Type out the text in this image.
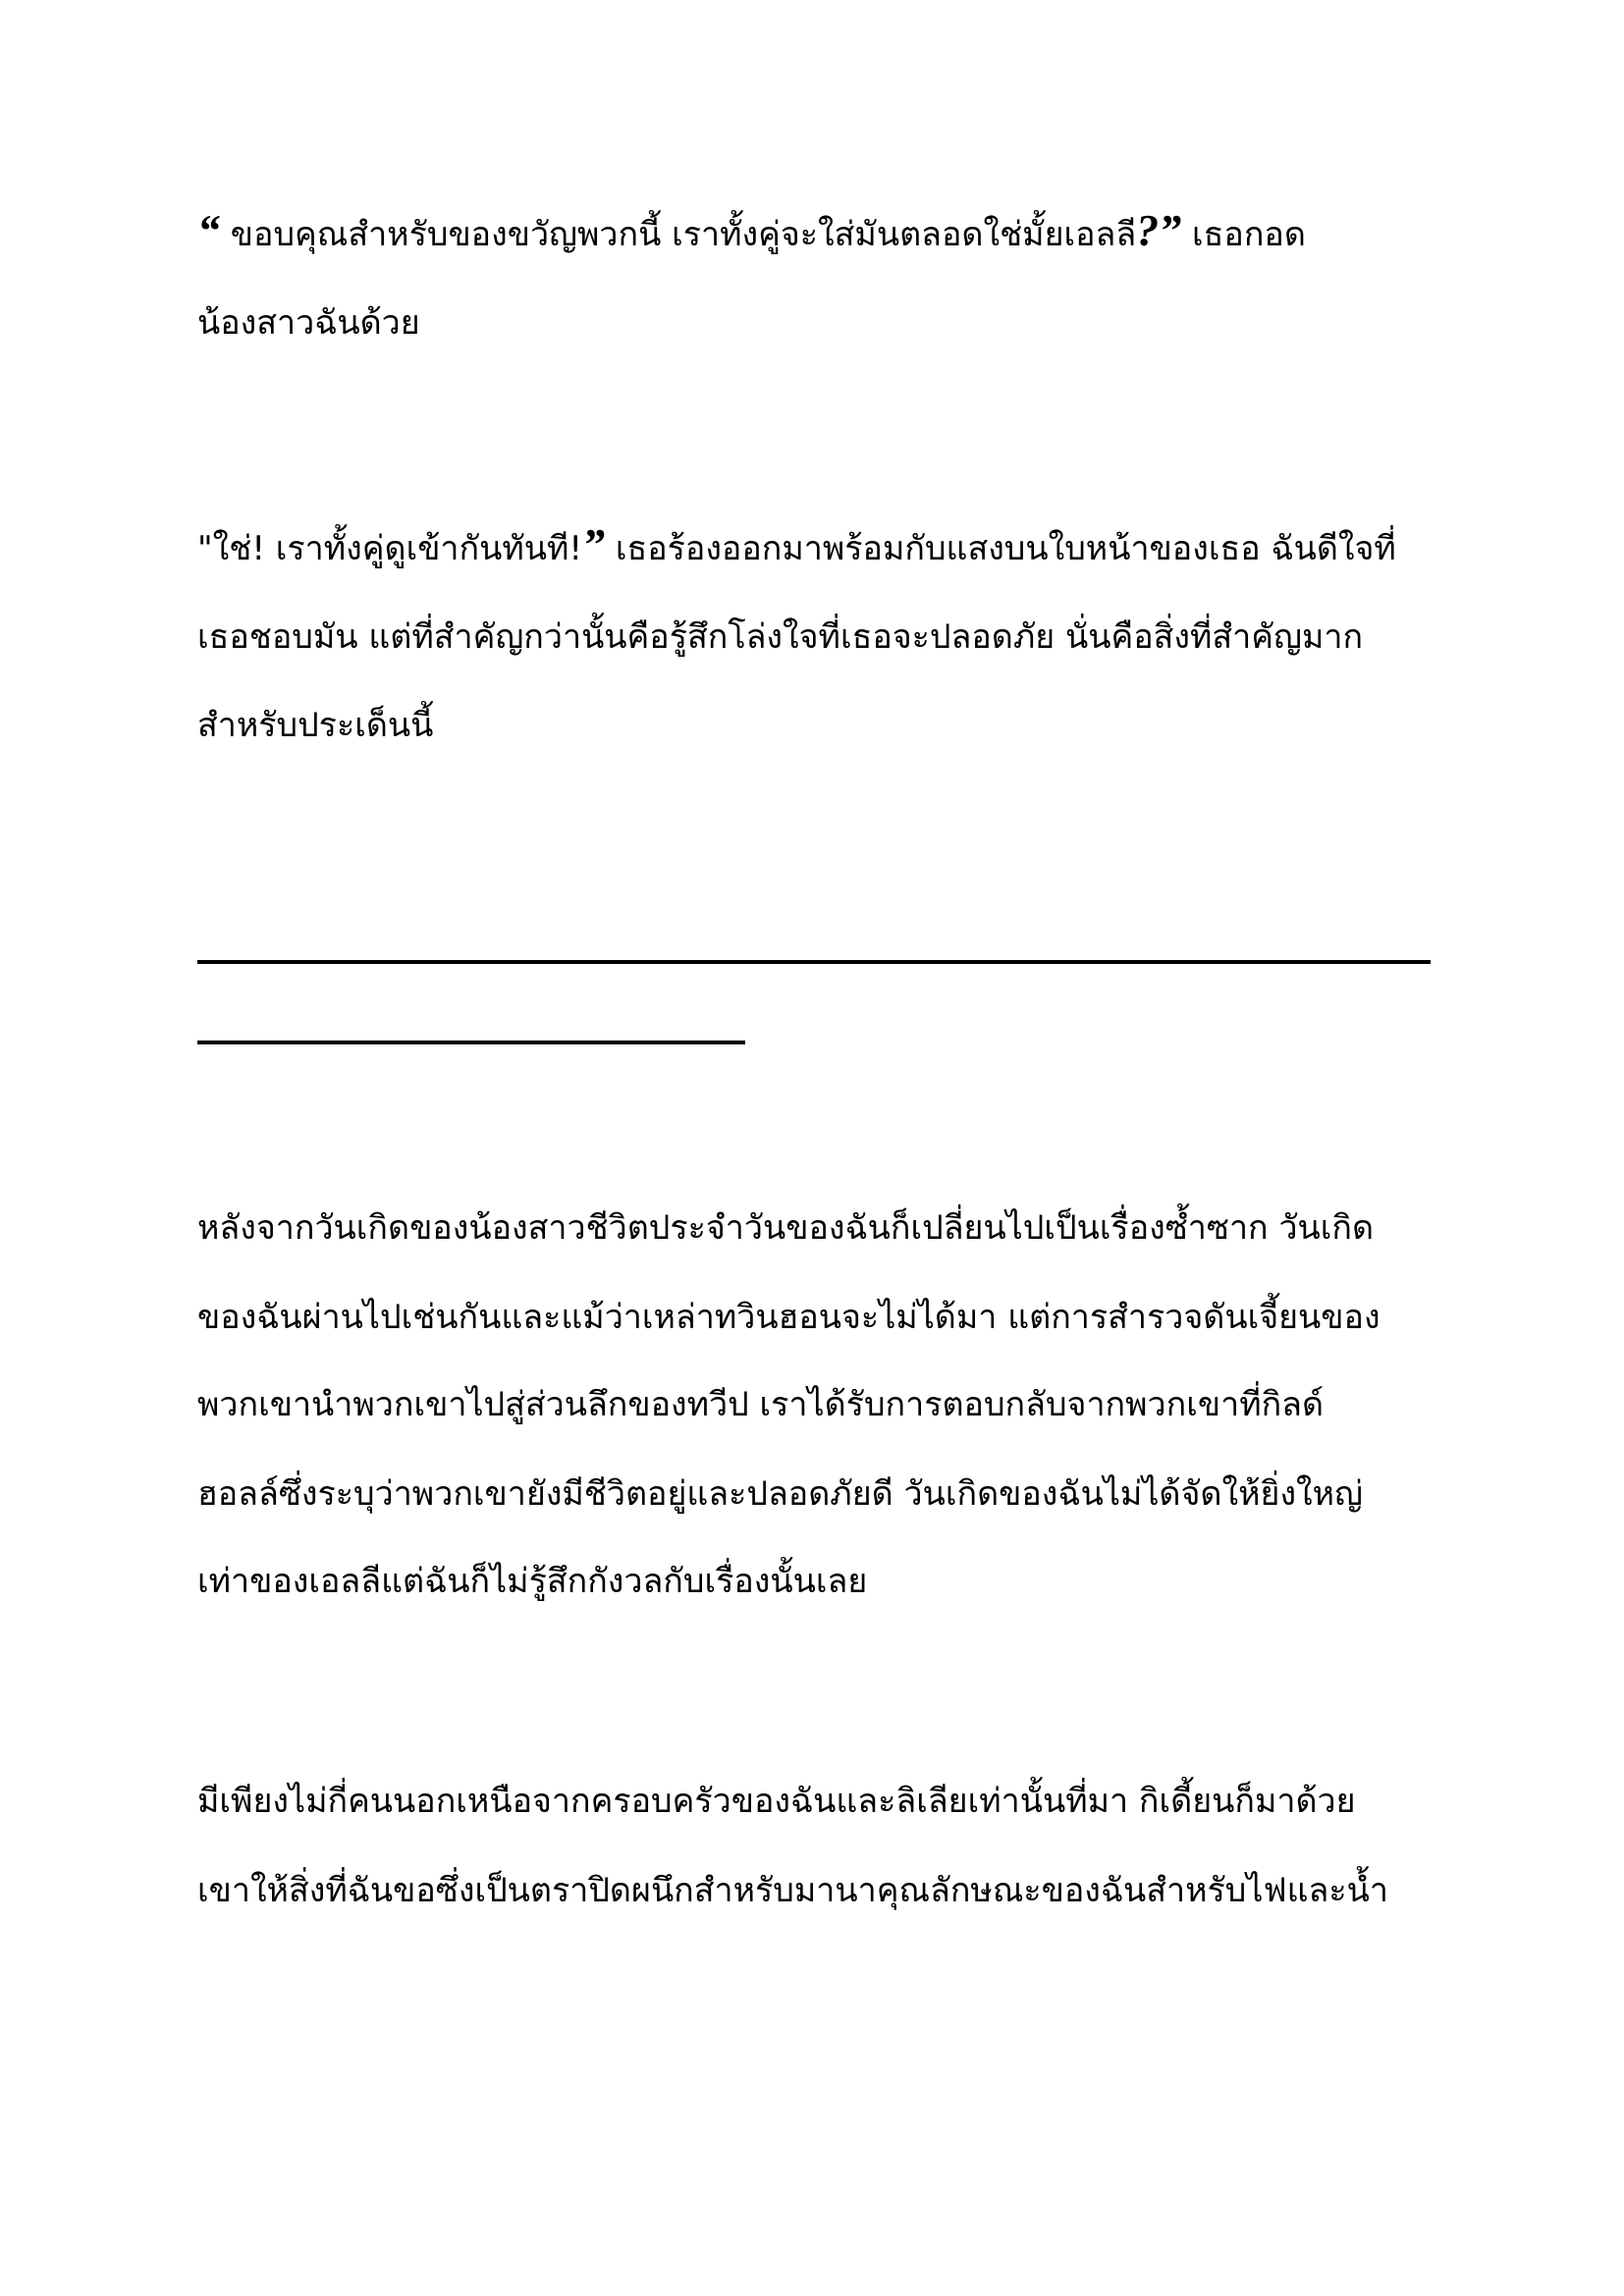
“ ขอบคุณสำหรับของขวัญพวกนี้ เราทั้งคู่จะใส่มันตลอดใช่มั้ยเอลลี?” เธอกอด
น้องสาวฉันด้วย
"ใช่! เราทั้งคู่ดูเข้ากันทันที!” เธอร้องออกมาพร้อมกับแสงบนใบหน้าของเธอ ฉันดีใจที่
เธอชอบมัน แต่ที่สำคัญกว่านั้นคือรู้สึกโล่งใจที่เธอจะปลอดภัย นั่นคือสิ่งที่สำคัญมาก
สำหรับประเด็นนี้
หลังจากวันเกิดของน้องสาวชีวิตประจำวันของฉันก็เปลี่ยนไปเป็นเรื่องซ้ำซาก วันเกิด
ของฉันผ่านไปเช่นกันและแม้ว่าเหล่าทวินฮอนจะไม่ได้มา แต่การสำรวจดันเจี้ยนของ
พวกเขานำพวกเขาไปสู่ส่วนลึกของทวีป เราได้รับการตอบกลับจากพวกเขาที่กิลด์
ฮอลล์ซึ่งระบุว่าพวกเขายังมีชีวิตอยู่และปลอดภัยดี วันเกิดของฉันไม่ได้จัดให้ยิ่งใหญ่
เท่าของเอลลีแต่ฉันก็ไม่รู้สึกกังวลกับเรื่องนั้นเลย
มีเพียงไม่กี่คนนอกเหนือจากครอบครัวของฉันและลิเลียเท่านั้นที่มา กิเดี้ยนก็มาด้วย
เขาให้สิ่งที่ฉันขอซึ่งเป็นตราปิดผนึกสำหรับมานาคุณลักษณะของฉันสำหรับไฟและน้ำ
